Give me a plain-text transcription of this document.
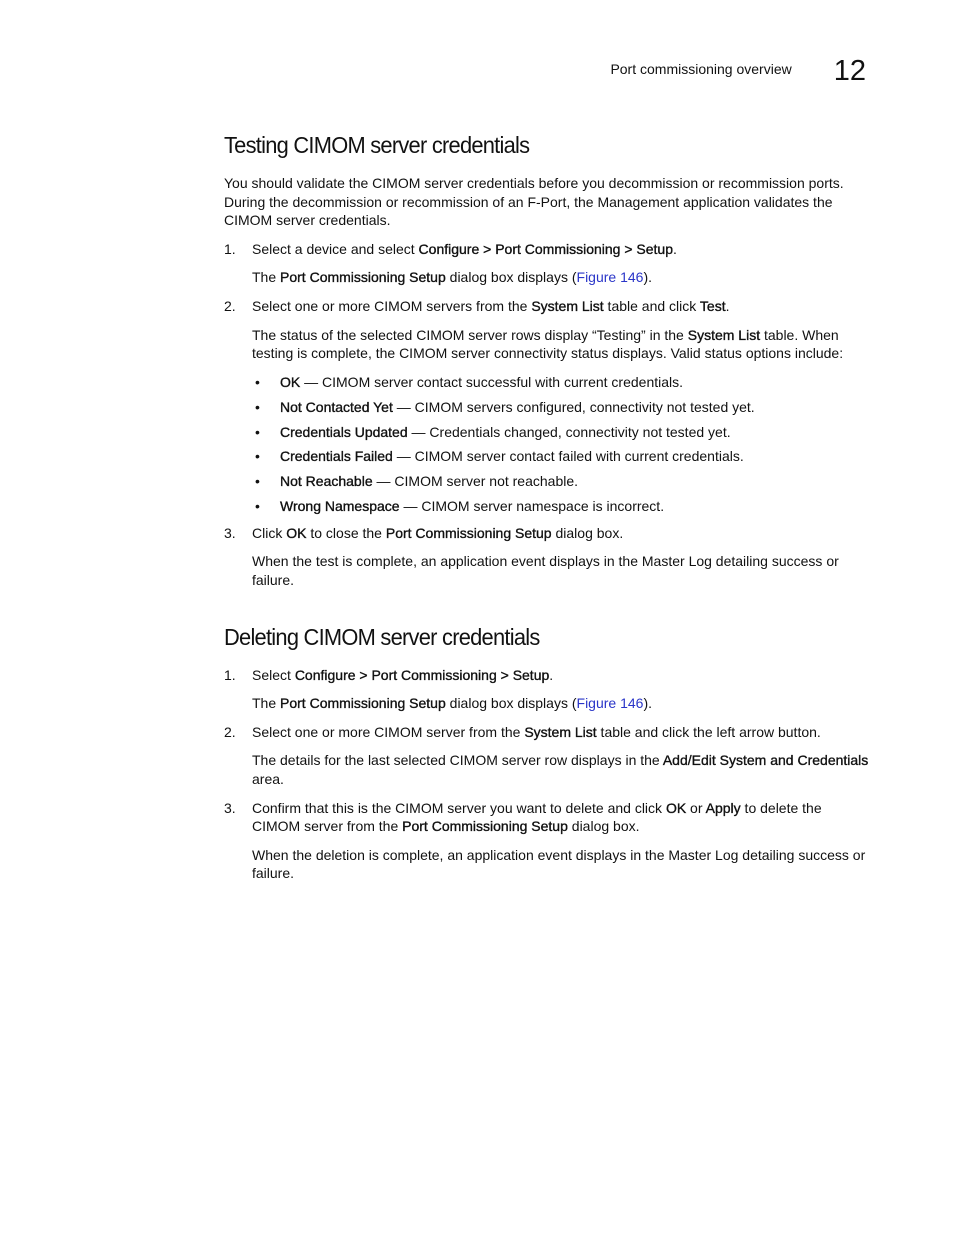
Port commissioning overview 12
Testing CIMOM server credentials

You should validate the CIMOM server credentials before you decommission or recommission ports. During the decommission or recommission of an F-Port, the Management application validates the CIMOM server credentials.

1. Select a device and select Configure > Port Commissioning > Setup.

The Port Commissioning Setup dialog box displays (Figure 146).

2. Select one or more CIMOM servers from the System List table and click Test.

The status of the selected CIMOM server rows display “Testing” in the System List table. When testing is complete, the CIMOM server connectivity status displays. Valid status options include:

• OK — CIMOM server contact successful with current credentials.
• Not Contacted Yet — CIMOM servers configured, connectivity not tested yet.
• Credentials Updated — Credentials changed, connectivity not tested yet.
• Credentials Failed — CIMOM server contact failed with current credentials.
• Not Reachable — CIMOM server not reachable.
• Wrong Namespace — CIMOM server namespace is incorrect.
3. Click OK to close the Port Commissioning Setup dialog box.

When the test is complete, an application event displays in the Master Log detailing success or failure.

Deleting CIMOM server credentials
1. Select Configure > Port Commissioning > Setup.

The Port Commissioning Setup dialog box displays (Figure 146).

2. Select one or more CIMOM server from the System List table and click the left arrow button.

The details for the last selected CIMOM server row displays in the Add/Edit System and Credentials area.

3. Confirm that this is the CIMOM server you want to delete and click OK or Apply to delete the CIMOM server from the Port Commissioning Setup dialog box.

When the deletion is complete, an application event displays in the Master Log detailing success or failure.
